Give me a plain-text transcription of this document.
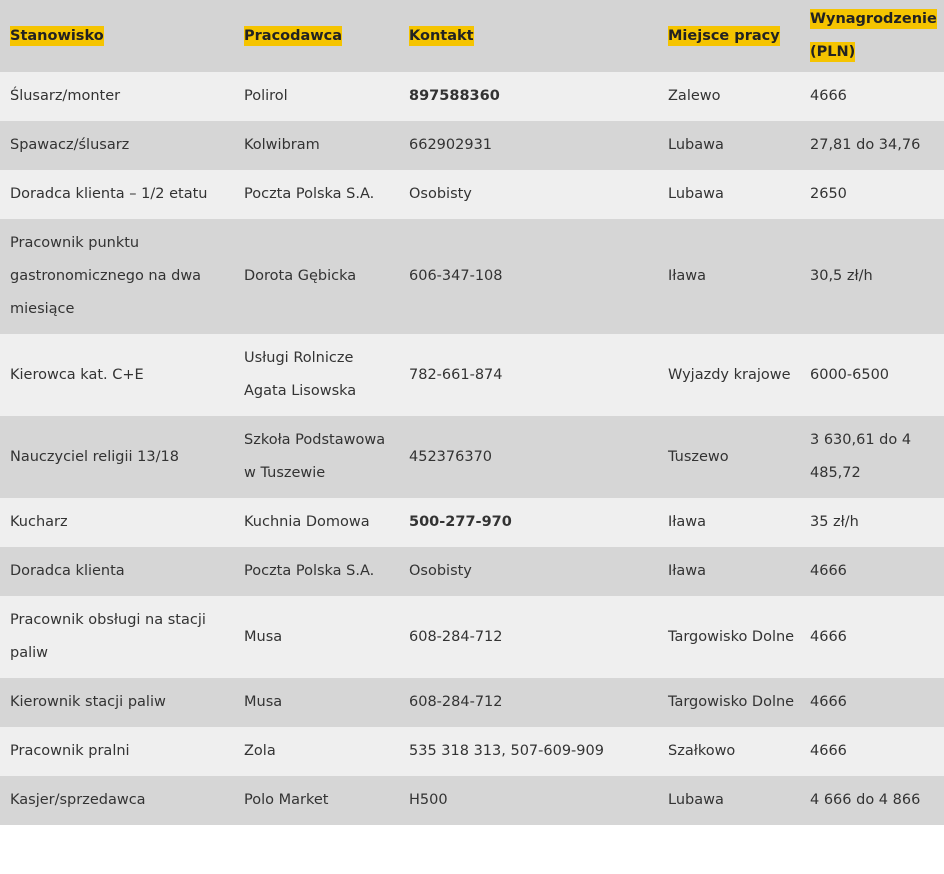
Stanowisko	Pracodawca	Kontakt	Miejsce pracy	Wynagrodzenie (PLN)
Ślusarz/monter	Polirol	897588360	Zalewo	4666
Spawacz/ślusarz	Kolwibram	662902931	Lubawa	27,81 do 34,76
Doradca klienta – 1/2 etatu	Poczta Polska S.A.	Osobisty	Lubawa	2650
Pracownik punktu gastronomicznego na dwa miesiące	Dorota Gębicka	606-347-108	Iława	30,5 zł/h
Kierowca kat. C+E	Usługi Rolnicze Agata Lisowska	782-661-874	Wyjazdy krajowe	6000-6500
Nauczyciel religii 13/18	Szkoła Podstawowa w Tuszewie	452376370	Tuszewo	3 630,61 do 4 485,72
Kucharz	Kuchnia Domowa	500-277-970	Iława	35 zł/h
Doradca klienta	Poczta Polska S.A.	Osobisty	Iława	4666
Pracownik obsługi na stacji paliw	Musa	608-284-712	Targowisko Dolne	4666
Kierownik stacji paliw	Musa	608-284-712	Targowisko Dolne	4666
Pracownik pralni	Zola	535 318 313, 507-609-909	Szałkowo	4666
Kasjer/sprzedawca	Polo Market	H500	Lubawa	4 666 do 4 866
